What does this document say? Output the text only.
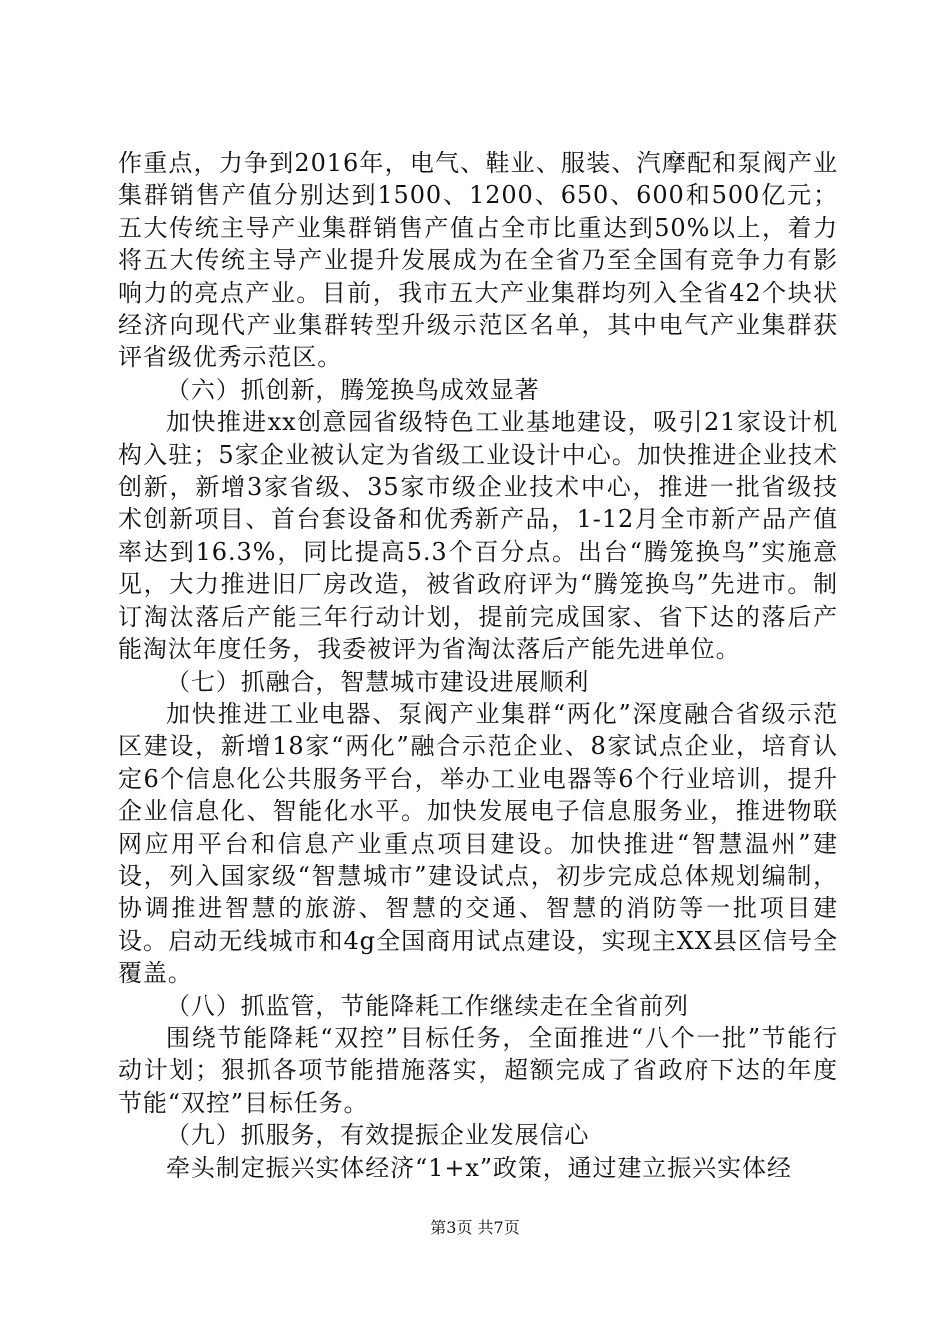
作重点，力争到2016年，电气、鞋业、服装、汽摩配和泵阀产业集群销售产值分别达到1500、1200、650、600和500亿元；五大传统主导产业集群销售产值占全市比重达到50%以上，着力将五大传统主导产业提升发展成为在全省乃至全国有竞争力有影响力的亮点产业。目前，我市五大产业集群均列入全省42个块状经济向现代产业集群转型升级示范区名单，其中电气产业集群获评省级优秀示范区。

（六）抓创新，腾笼换鸟成效显著

加快推进xx创意园省级特色工业基地建设，吸引21家设计机构入驻；5家企业被认定为省级工业设计中心。加快推进企业技术创新，新增3家省级、35家市级企业技术中心，推进一批省级技术创新项目、首台套设备和优秀新产品，1-12月全市新产品产值率达到16.3%，同比提高5.3个百分点。出台“腾笼换鸟”实施意见，大力推进旧厂房改造，被省政府评为“腾笼换鸟”先进市。制订淘汰落后产能三年行动计划，提前完成国家、省下达的落后产能淘汰年度任务，我委被评为省淘汰落后产能先进单位。

（七）抓融合，智慧城市建设进展顺利

加快推进工业电器、泵阀产业集群“两化”深度融合省级示范区建设，新增18家“两化”融合示范企业、8家试点企业，培育认定6个信息化公共服务平台，举办工业电器等6个行业培训，提升企业信息化、智能化水平。加快发展电子信息服务业，推进物联网应用平台和信息产业重点项目建设。加快推进“智慧温州”建设，列入国家级“智慧城市”建设试点，初步完成总体规划编制，协调推进智慧的旅游、智慧的交通、智慧的消防等一批项目建设。启动无线城市和4g全国商用试点建设，实现主XX县区信号全覆盖。

（八）抓监管，节能降耗工作继续走在全省前列

围绕节能降耗“双控”目标任务，全面推进“八个一批”节能行动计划；狠抓各项节能措施落实，超额完成了省政府下达的年度节能“双控”目标任务。

（九）抓服务，有效提振企业发展信心

牵头制定振兴实体经济“1+x”政策，通过建立振兴实体经

第3页 共7页
